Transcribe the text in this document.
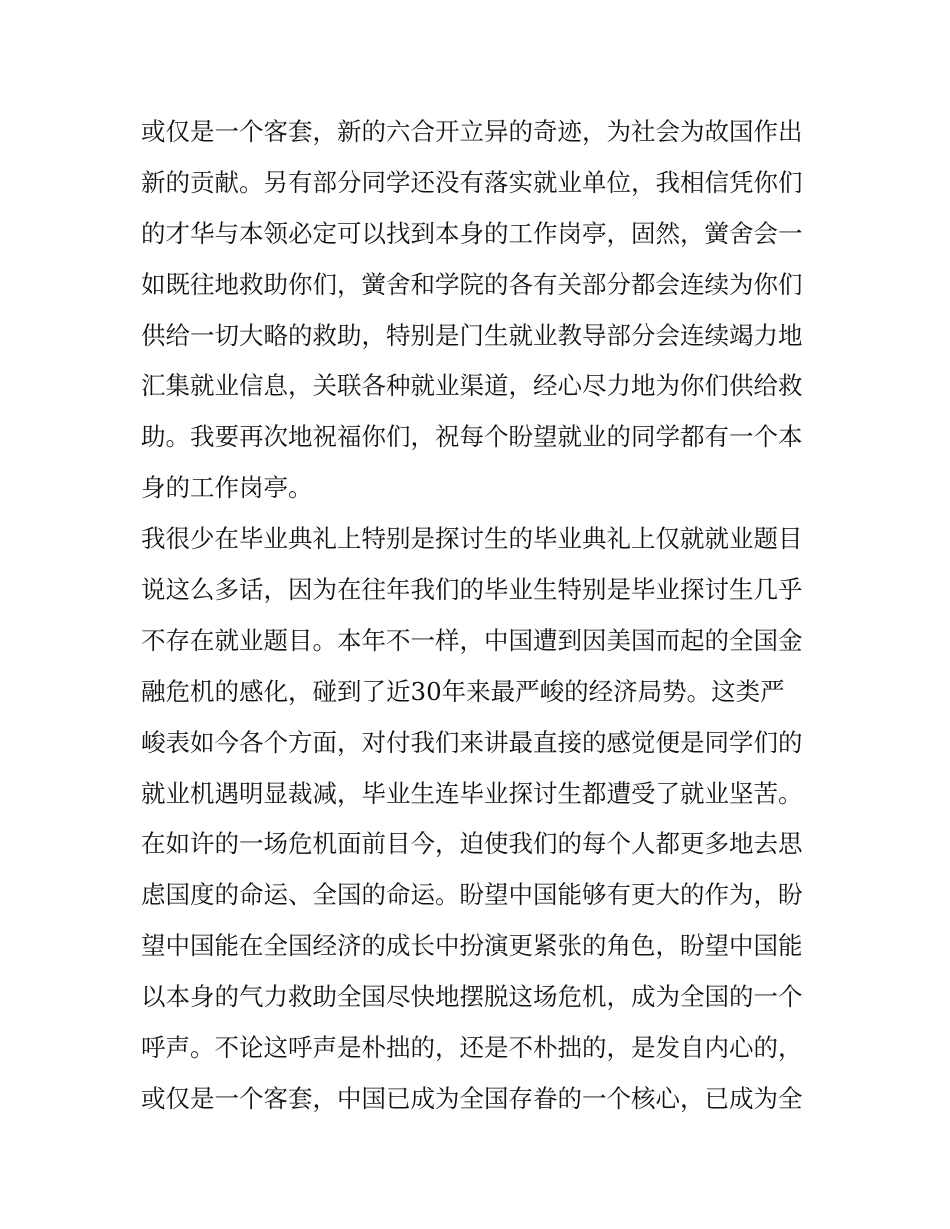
或仅是一个客套，新的六合开立异的奇迹，为社会为故国作出
新的贡献。另有部分同学还没有落实就业单位，我相信凭你们
的才华与本领必定可以找到本身的工作岗亭，固然，黉舍会一
如既往地救助你们，黉舍和学院的各有关部分都会连续为你们
供给一切大略的救助，特别是门生就业教导部分会连续竭力地
汇集就业信息，关联各种就业渠道，经心尽力地为你们供给救
助。我要再次地祝福你们，祝每个盼望就业的同学都有一个本
身的工作岗亭。
我很少在毕业典礼上特别是探讨生的毕业典礼上仅就就业题目
说这么多话，因为在往年我们的毕业生特别是毕业探讨生几乎
不存在就业题目。本年不一样，中国遭到因美国而起的全国金
融危机的感化，碰到了近30年来最严峻的经济局势。这类严
峻表如今各个方面，对付我们来讲最直接的感觉便是同学们的
就业机遇明显裁减，毕业生连毕业探讨生都遭受了就业坚苦。
在如许的一场危机面前目今，迫使我们的每个人都更多地去思
虑国度的命运、全国的命运。盼望中国能够有更大的作为，盼
望中国能在全国经济的成长中扮演更紧张的角色，盼望中国能
以本身的气力救助全国尽快地摆脱这场危机，成为全国的一个
呼声。不论这呼声是朴拙的，还是不朴拙的，是发自内心的，
或仅是一个客套，中国已成为全国存眷的一个核心，已成为全
